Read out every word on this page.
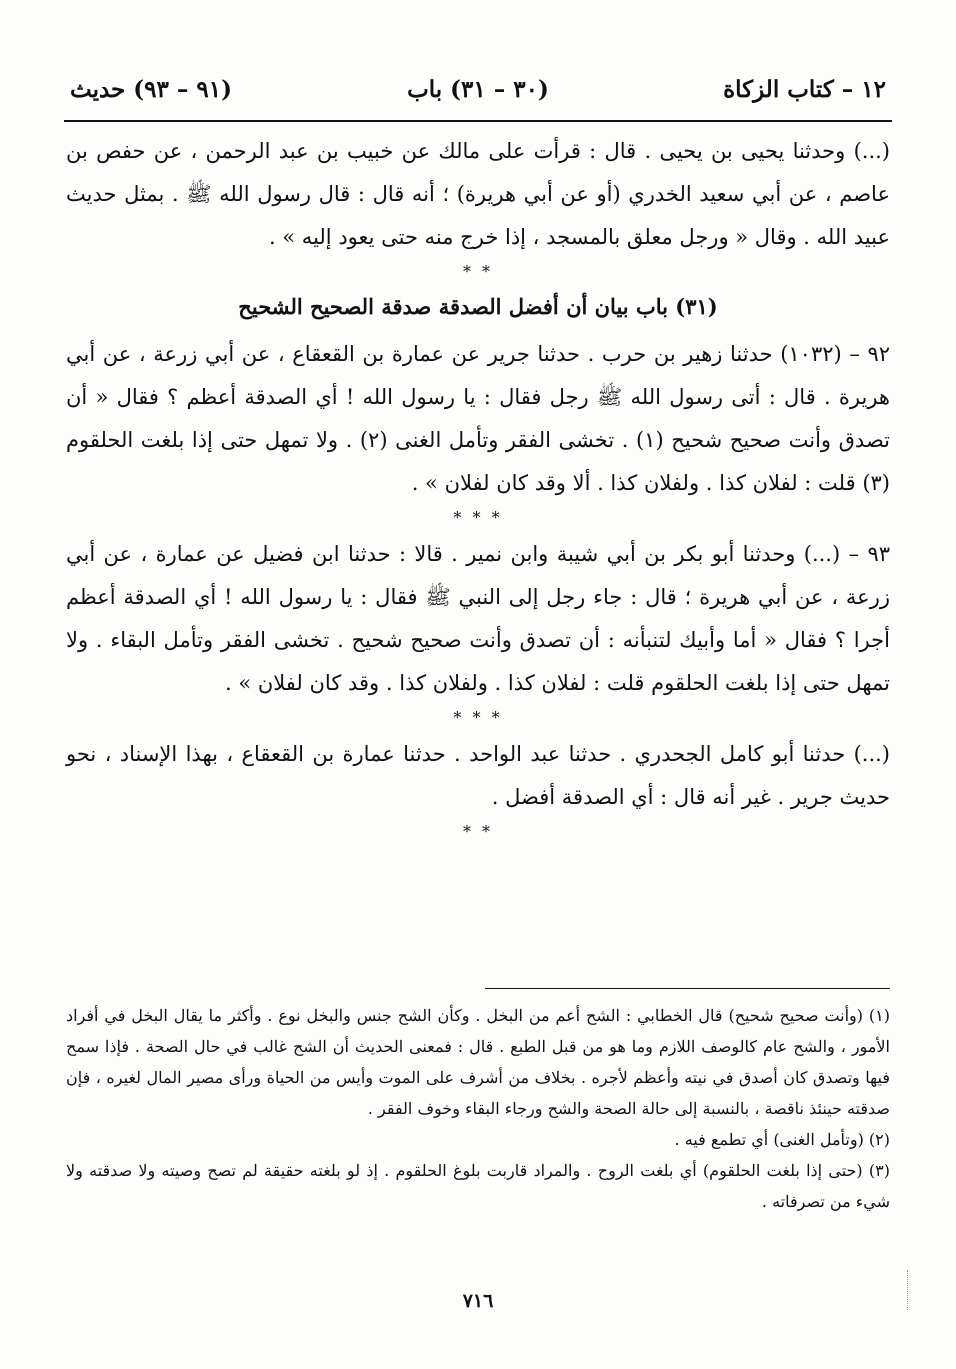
١٢ – كتاب الزكاة
(٣٠ – ٣١) باب
(٩١ – ٩٣) حديث

(...) وحدثنا يحيى بن يحيى . قال : قرأت على مالك عن خبيب بن عبد الرحمن ، عن حفص بن عاصم ، عن أبي سعيد الخدري (أو عن أبي هريرة) ؛ أنه قال : قال رسول الله ﷺ . بمثل حديث عبيد الله . وقال « ورجل معلق بالمسجد ، إذا خرج منه حتى يعود إليه » .

* *
(٣١) باب بيان أن أفضل الصدقة صدقة الصحيح الشحيح

٩٢ – (١٠٣٢) حدثنا زهير بن حرب . حدثنا جرير عن عمارة بن القعقاع ، عن أبي زرعة ، عن أبي هريرة . قال : أتى رسول الله ﷺ رجل فقال : يا رسول الله ! أي الصدقة أعظم ؟ فقال « أن تصدق وأنت صحيح شحيح (١) . تخشى الفقر وتأمل الغنى (٢) . ولا تمهل حتى إذا بلغت الحلقوم (٣) قلت : لفلان كذا . ولفلان كذا . ألا وقد كان لفلان » .

* * *

٩٣ – (...) وحدثنا أبو بكر بن أبي شيبة وابن نمير . قالا : حدثنا ابن فضيل عن عمارة ، عن أبي زرعة ، عن أبي هريرة ؛ قال : جاء رجل إلى النبي ﷺ فقال : يا رسول الله ! أي الصدقة أعظم أجرا ؟ فقال « أما وأبيك لتنبأنه : أن تصدق وأنت صحيح شحيح . تخشى الفقر وتأمل البقاء . ولا تمهل حتى إذا بلغت الحلقوم قلت : لفلان كذا . ولفلان كذا . وقد كان لفلان » .

* * *

(...) حدثنا أبو كامل الجحدري . حدثنا عبد الواحد . حدثنا عمارة بن القعقاع ، بهذا الإسناد ، نحو حديث جرير . غير أنه قال : أي الصدقة أفضل .

* *

(١) (وأنت صحيح شحيح) قال الخطابي : الشح أعم من البخل . وكأن الشح جنس والبخل نوع . وأكثر ما يقال البخل في أفراد الأمور ، والشح عام كالوصف اللازم وما هو من قبل الطبع . قال : فمعنى الحديث أن الشح غالب في حال الصحة . فإذا سمح فيها وتصدق كان أصدق في نيته وأعظم لأجره . بخلاف من أشرف على الموت وأيس من الحياة ورأى مصير المال لغيره ، فإن صدقته حينئذ ناقصة ، بالنسبة إلى حالة الصحة والشح ورجاء البقاء وخوف الفقر .

(٢) (وتأمل الغنى) أي تطمع فيه .

(٣) (حتى إذا بلغت الحلقوم) أي بلغت الروح . والمراد قاربت بلوغ الحلقوم . إذ لو بلغته حقيقة لم تصح وصيته ولا صدقته ولا شيء من تصرفاته .

٧١٦
